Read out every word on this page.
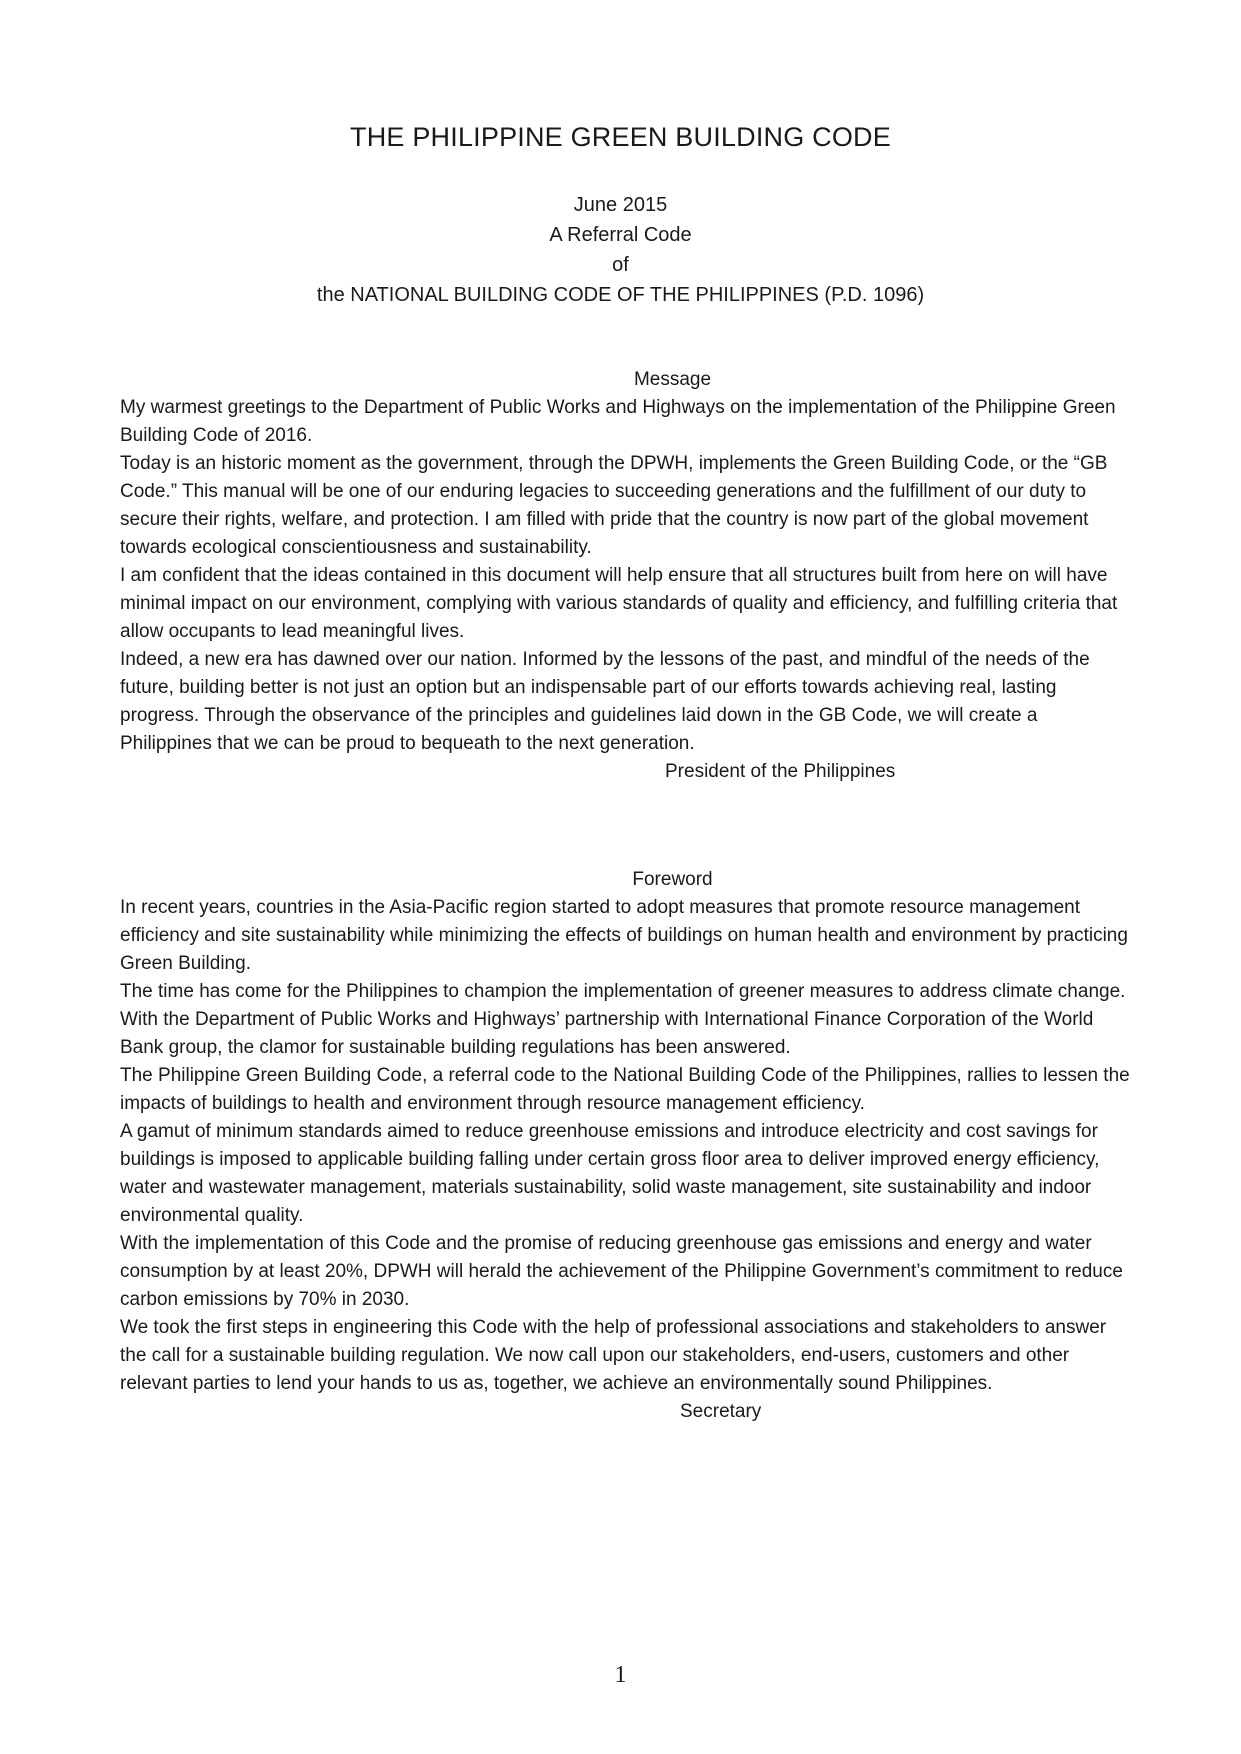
THE PHILIPPINE GREEN BUILDING CODE
June 2015
A Referral Code
of
the NATIONAL BUILDING CODE OF THE PHILIPPINES (P.D. 1096)
Message

My warmest greetings to the Department of Public Works and Highways on the implementation of the Philippine Green Building Code of 2016.

Today is an historic moment as the government, through the DPWH, implements the Green Building Code, or the “GB Code.” This manual will be one of our enduring legacies to succeeding generations and the fulfillment of our duty to secure their rights, welfare, and protection. I am filled with pride that the country is now part of the global movement towards ecological conscientiousness and sustainability.

I am confident that the ideas contained in this document will help ensure that all structures built from here on will have minimal impact on our environment, complying with various standards of quality and efficiency, and fulfilling criteria that allow occupants to lead meaningful lives.

Indeed, a new era has dawned over our nation. Informed by the lessons of the past, and mindful of the needs of the future, building better is not just an option but an indispensable part of our efforts towards achieving real, lasting progress. Through the observance of the principles and guidelines laid down in the GB Code, we will create a Philippines that we can be proud to bequeath to the next generation.

President of the Philippines

Foreword

In recent years, countries in the Asia-Pacific region started to adopt measures that promote resource management efficiency and site sustainability while minimizing the effects of buildings on human health and environment by practicing Green Building.

The time has come for the Philippines to champion the implementation of greener measures to address climate change. With the Department of Public Works and Highways’ partnership with International Finance Corporation of the World Bank group, the clamor for sustainable building regulations has been answered.

The Philippine Green Building Code, a referral code to the National Building Code of the Philippines, rallies to lessen the impacts of buildings to health and environment through resource management efficiency.

A gamut of minimum standards aimed to reduce greenhouse emissions and introduce electricity and cost savings for buildings is imposed to applicable building falling under certain gross floor area to deliver improved energy efficiency, water and wastewater management, materials sustainability, solid waste management, site sustainability and indoor environmental quality.

With the implementation of this Code and the promise of reducing greenhouse gas emissions and energy and water consumption by at least 20%, DPWH will herald the achievement of the Philippine Government’s commitment to reduce carbon emissions by 70% in 2030.

We took the first steps in engineering this Code with the help of professional associations and stakeholders to answer the call for a sustainable building regulation. We now call upon our stakeholders, end-users, customers and other relevant parties to lend your hands to us as, together, we achieve an environmentally sound Philippines.

Secretary

1
